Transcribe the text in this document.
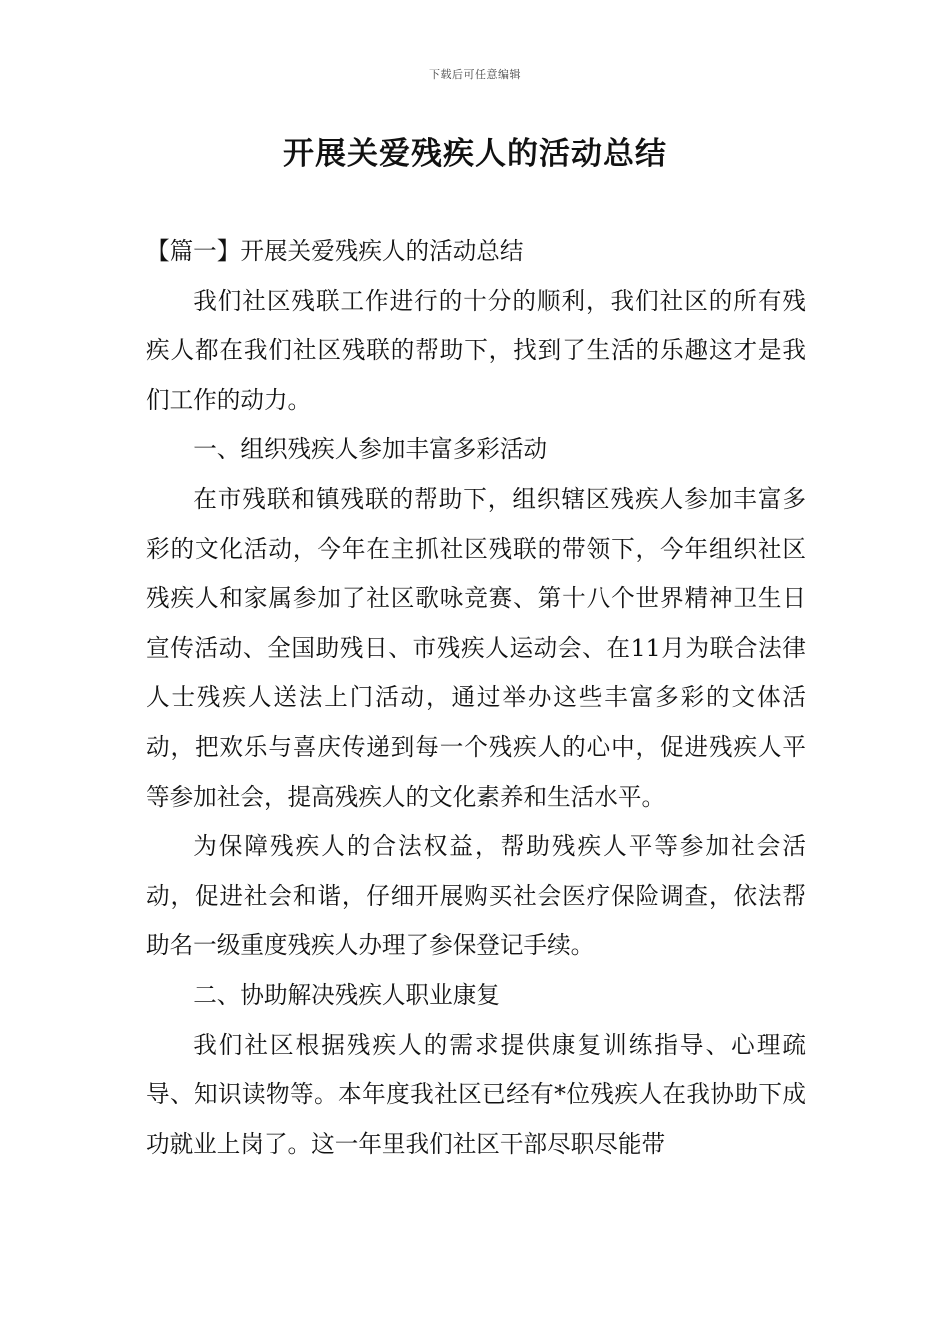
下载后可任意编辑
开展关爱残疾人的活动总结

【篇一】开展关爱残疾人的活动总结

我们社区残联工作进行的十分的顺利，我们社区的所有残疾人都在我们社区残联的帮助下，找到了生活的乐趣这才是我们工作的动力。

一、组织残疾人参加丰富多彩活动

在市残联和镇残联的帮助下，组织辖区残疾人参加丰富多彩的文化活动，今年在主抓社区残联的带领下，今年组织社区残疾人和家属参加了社区歌咏竞赛、第十八个世界精神卫生日宣传活动、全国助残日、市残疾人运动会、在11月为联合法律人士残疾人送法上门活动，通过举办这些丰富多彩的文体活动，把欢乐与喜庆传递到每一个残疾人的心中，促进残疾人平等参加社会，提高残疾人的文化素养和生活水平。

为保障残疾人的合法权益，帮助残疾人平等参加社会活动，促进社会和谐，仔细开展购买社会医疗保险调查，依法帮助名一级重度残疾人办理了参保登记手续。

二、协助解决残疾人职业康复

我们社区根据残疾人的需求提供康复训练指导、心理疏导、知识读物等。本年度我社区已经有*位残疾人在我协助下成功就业上岗了。这一年里我们社区干部尽职尽能带
